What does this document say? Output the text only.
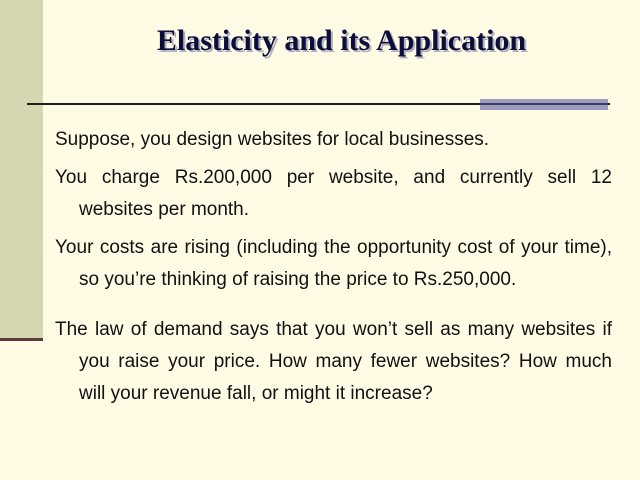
Elasticity and its Application

Suppose, you design websites for local businesses.

You charge Rs.200,000 per website, and currently sell 12 websites per month.

Your costs are rising (including the opportunity cost of your time), so you’re thinking of raising the price to Rs.250,000.

The law of demand says that you won’t sell as many websites if you raise your price. How many fewer websites? How much will your revenue fall, or might it increase?
